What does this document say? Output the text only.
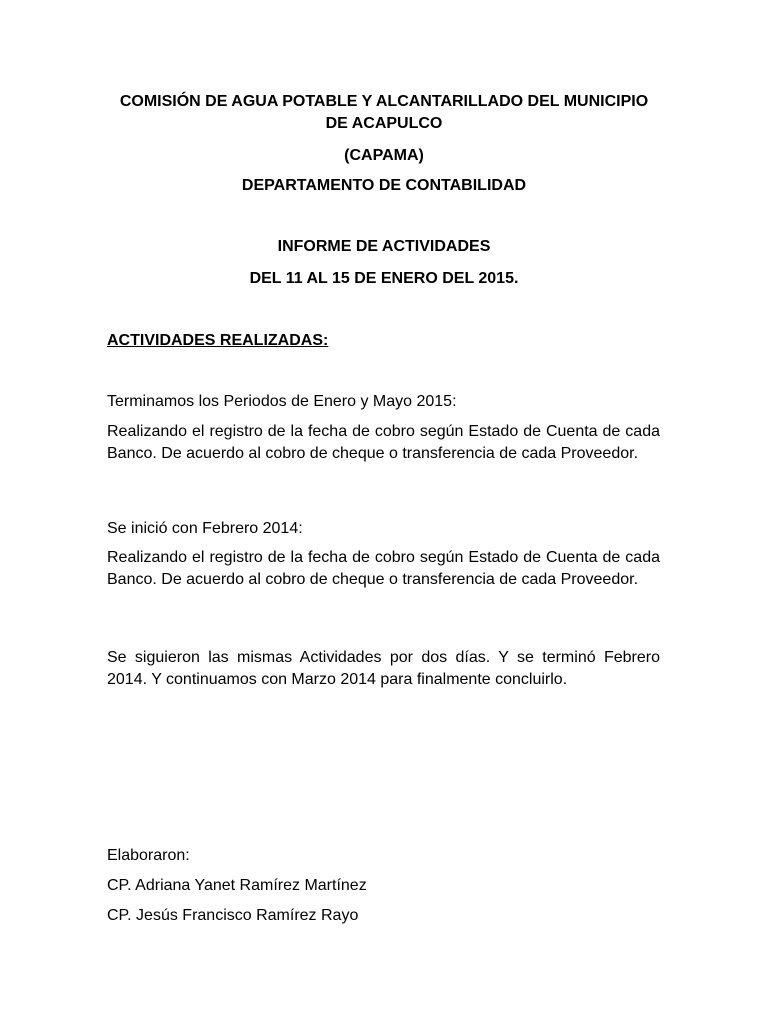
COMISIÓN DE AGUA POTABLE Y ALCANTARILLADO DEL MUNICIPIO
DE ACAPULCO
(CAPAMA)
DEPARTAMENTO DE CONTABILIDAD
INFORME DE ACTIVIDADES
DEL 11 AL 15 DE ENERO DEL 2015.
ACTIVIDADES REALIZADAS:
Terminamos los Periodos de Enero y Mayo 2015:
Realizando el registro de la fecha de cobro según Estado de Cuenta de cada Banco. De acuerdo al cobro de cheque o transferencia de cada Proveedor.
Se inició con Febrero 2014:
Realizando el registro de la fecha de cobro según Estado de Cuenta de cada Banco. De acuerdo al cobro de cheque o transferencia de cada Proveedor.
Se siguieron las mismas Actividades por dos días. Y se terminó Febrero 2014. Y continuamos con Marzo 2014 para finalmente concluirlo.
Elaboraron:
CP. Adriana Yanet Ramírez Martínez
CP. Jesús Francisco Ramírez Rayo
